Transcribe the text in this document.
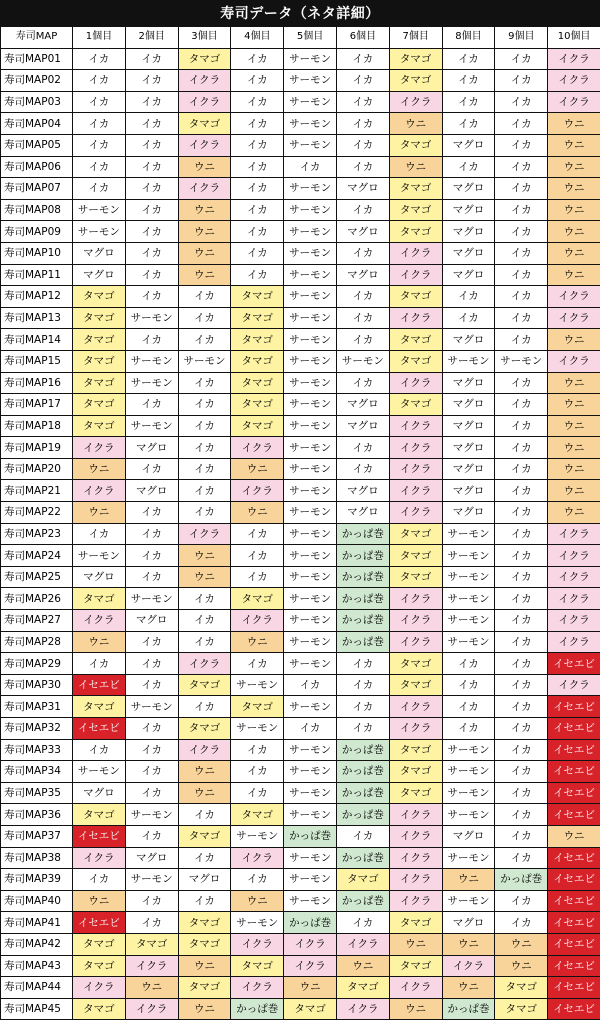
寿司データ（ネタ詳細）
寿司MAP	1個目	2個目	3個目	4個目	5個目	6個目	7個目	8個目	9個目	10個目
寿司MAP01	イカ	イカ	タマゴ	イカ	サーモン	イカ	タマゴ	イカ	イカ	イクラ
寿司MAP02	イカ	イカ	イクラ	イカ	サーモン	イカ	タマゴ	イカ	イカ	イクラ
寿司MAP03	イカ	イカ	イクラ	イカ	サーモン	イカ	イクラ	イカ	イカ	イクラ
寿司MAP04	イカ	イカ	タマゴ	イカ	サーモン	イカ	ウニ	イカ	イカ	ウニ
寿司MAP05	イカ	イカ	イクラ	イカ	サーモン	イカ	タマゴ	マグロ	イカ	ウニ
寿司MAP06	イカ	イカ	ウニ	イカ	イカ	イカ	ウニ	イカ	イカ	ウニ
寿司MAP07	イカ	イカ	イクラ	イカ	サーモン	マグロ	タマゴ	マグロ	イカ	ウニ
寿司MAP08	サーモン	イカ	ウニ	イカ	サーモン	イカ	タマゴ	マグロ	イカ	ウニ
寿司MAP09	サーモン	イカ	ウニ	イカ	サーモン	マグロ	タマゴ	マグロ	イカ	ウニ
寿司MAP10	マグロ	イカ	ウニ	イカ	サーモン	イカ	イクラ	マグロ	イカ	ウニ
寿司MAP11	マグロ	イカ	ウニ	イカ	サーモン	マグロ	イクラ	マグロ	イカ	ウニ
寿司MAP12	タマゴ	イカ	イカ	タマゴ	サーモン	イカ	タマゴ	イカ	イカ	イクラ
寿司MAP13	タマゴ	サーモン	イカ	タマゴ	サーモン	イカ	イクラ	イカ	イカ	イクラ
寿司MAP14	タマゴ	イカ	イカ	タマゴ	サーモン	イカ	タマゴ	マグロ	イカ	ウニ
寿司MAP15	タマゴ	サーモン	サーモン	タマゴ	サーモン	サーモン	タマゴ	サーモン	サーモン	イクラ
寿司MAP16	タマゴ	サーモン	イカ	タマゴ	サーモン	イカ	イクラ	マグロ	イカ	ウニ
寿司MAP17	タマゴ	イカ	イカ	タマゴ	サーモン	マグロ	タマゴ	マグロ	イカ	ウニ
寿司MAP18	タマゴ	サーモン	イカ	タマゴ	サーモン	マグロ	イクラ	マグロ	イカ	ウニ
寿司MAP19	イクラ	マグロ	イカ	イクラ	サーモン	イカ	イクラ	マグロ	イカ	ウニ
寿司MAP20	ウニ	イカ	イカ	ウニ	サーモン	イカ	イクラ	マグロ	イカ	ウニ
寿司MAP21	イクラ	マグロ	イカ	イクラ	サーモン	マグロ	イクラ	マグロ	イカ	ウニ
寿司MAP22	ウニ	イカ	イカ	ウニ	サーモン	マグロ	イクラ	マグロ	イカ	ウニ
寿司MAP23	イカ	イカ	イクラ	イカ	サーモン	かっぱ巻	タマゴ	サーモン	イカ	イクラ
寿司MAP24	サーモン	イカ	ウニ	イカ	サーモン	かっぱ巻	タマゴ	サーモン	イカ	イクラ
寿司MAP25	マグロ	イカ	ウニ	イカ	サーモン	かっぱ巻	タマゴ	サーモン	イカ	イクラ
寿司MAP26	タマゴ	サーモン	イカ	タマゴ	サーモン	かっぱ巻	イクラ	サーモン	イカ	イクラ
寿司MAP27	イクラ	マグロ	イカ	イクラ	サーモン	かっぱ巻	イクラ	サーモン	イカ	イクラ
寿司MAP28	ウニ	イカ	イカ	ウニ	サーモン	かっぱ巻	イクラ	サーモン	イカ	イクラ
寿司MAP29	イカ	イカ	イクラ	イカ	サーモン	イカ	タマゴ	イカ	イカ	イセエビ
寿司MAP30	イセエビ	イカ	タマゴ	サーモン	イカ	イカ	タマゴ	イカ	イカ	イクラ
寿司MAP31	タマゴ	サーモン	イカ	タマゴ	サーモン	イカ	イクラ	イカ	イカ	イセエビ
寿司MAP32	イセエビ	イカ	タマゴ	サーモン	イカ	イカ	イクラ	イカ	イカ	イセエビ
寿司MAP33	イカ	イカ	イクラ	イカ	サーモン	かっぱ巻	タマゴ	サーモン	イカ	イセエビ
寿司MAP34	サーモン	イカ	ウニ	イカ	サーモン	かっぱ巻	タマゴ	サーモン	イカ	イセエビ
寿司MAP35	マグロ	イカ	ウニ	イカ	サーモン	かっぱ巻	タマゴ	サーモン	イカ	イセエビ
寿司MAP36	タマゴ	サーモン	イカ	タマゴ	サーモン	かっぱ巻	イクラ	サーモン	イカ	イセエビ
寿司MAP37	イセエビ	イカ	タマゴ	サーモン	かっぱ巻	イカ	イクラ	マグロ	イカ	ウニ
寿司MAP38	イクラ	マグロ	イカ	イクラ	サーモン	かっぱ巻	イクラ	サーモン	イカ	イセエビ
寿司MAP39	イカ	サーモン	マグロ	イカ	サーモン	タマゴ	イクラ	ウニ	かっぱ巻	イセエビ
寿司MAP40	ウニ	イカ	イカ	ウニ	サーモン	かっぱ巻	イクラ	サーモン	イカ	イセエビ
寿司MAP41	イセエビ	イカ	タマゴ	サーモン	かっぱ巻	イカ	タマゴ	マグロ	イカ	イセエビ
寿司MAP42	タマゴ	タマゴ	タマゴ	イクラ	イクラ	イクラ	ウニ	ウニ	ウニ	イセエビ
寿司MAP43	タマゴ	イクラ	ウニ	タマゴ	イクラ	ウニ	タマゴ	イクラ	ウニ	イセエビ
寿司MAP44	イクラ	ウニ	タマゴ	イクラ	ウニ	タマゴ	イクラ	ウニ	タマゴ	イセエビ
寿司MAP45	タマゴ	イクラ	ウニ	かっぱ巻	タマゴ	イクラ	ウニ	かっぱ巻	タマゴ	イセエビ
